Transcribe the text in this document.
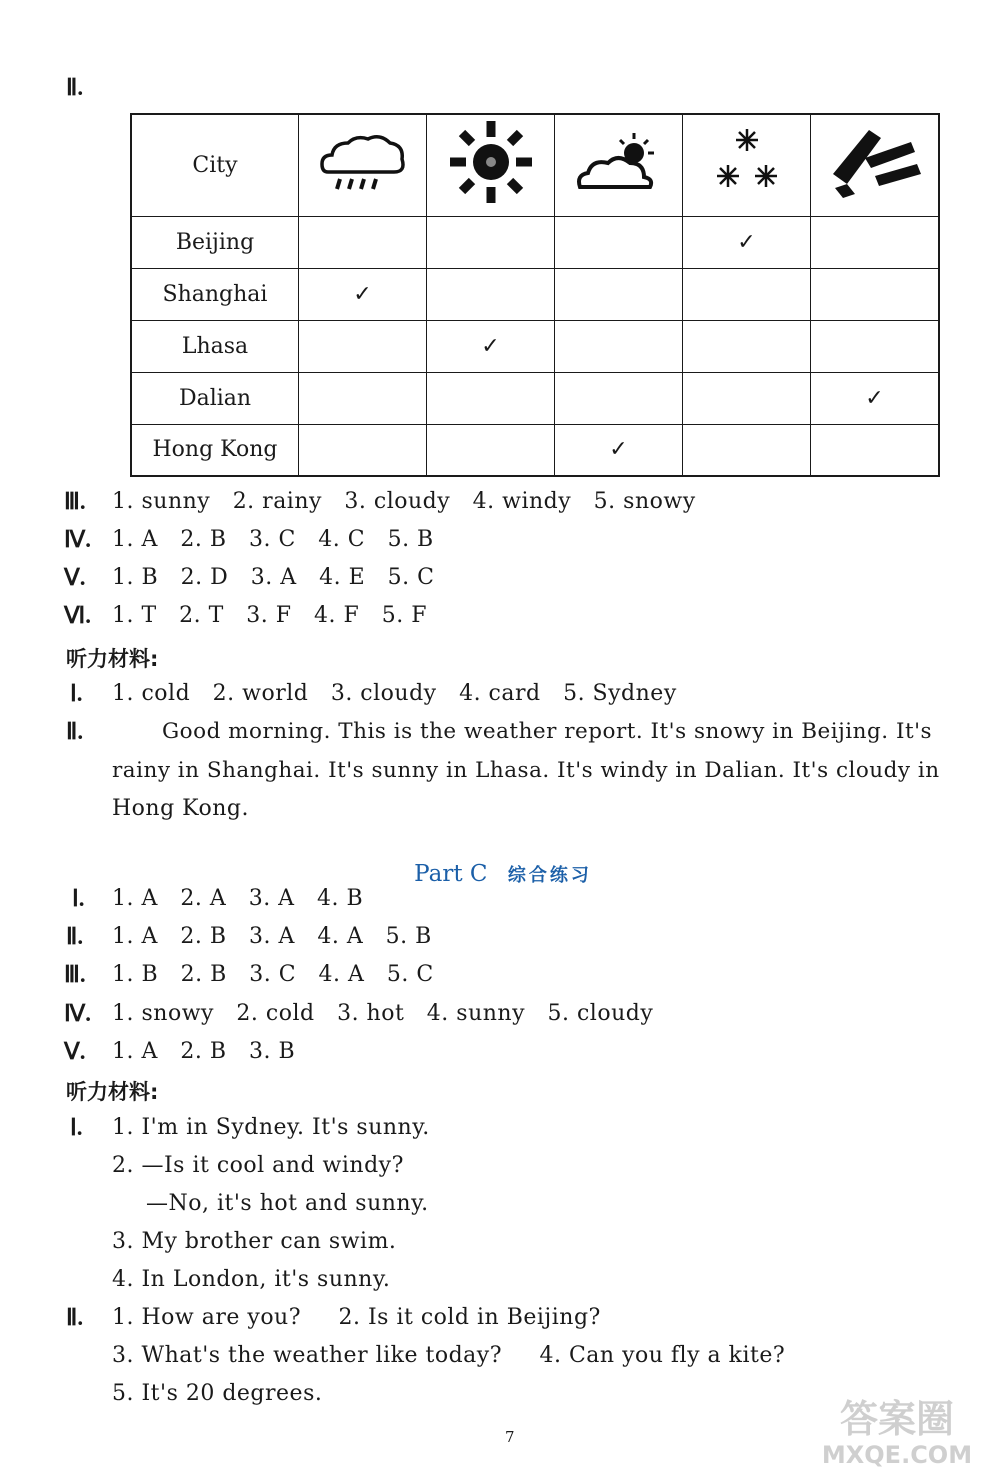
Ⅱ.
City					
Beijing				✓	
Shanghai	✓				
Lhasa		✓			
Dalian					✓
Hong Kong			✓		
Ⅲ. 1. sunny   2. rainy   3. cloudy   4. windy   5. snowy
Ⅳ. 1. A   2. B   3. C   4. C   5. B
Ⅴ. 1. B   2. D   3. A   4. E   5. C
Ⅵ. 1. T   2. T   3. F   4. F   5. F
听力材料:
Ⅰ. 1. cold   2. world   3. cloudy   4. card   5. Sydney
Ⅱ.	Good morning. This is the weather report. It's snowy in Beijing. It's
rainy in Shanghai. It's sunny in Lhasa. It's windy in Dalian. It's cloudy in
Hong Kong.

Part C 综合练习

Ⅰ. 1. A   2. A   3. A   4. B
Ⅱ. 1. A   2. B   3. A   4. A   5. B
Ⅲ. 1. B   2. B   3. C   4. A   5. C
Ⅳ. 1. snowy   2. cold   3. hot   4. sunny   5. cloudy
Ⅴ. 1. A   2. B   3. B
听力材料:
Ⅰ. 1. I'm in Sydney. It's sunny.
2. —Is it cool and windy?
—No, it's hot and sunny.
3. My brother can swim.
4. In London, it's sunny.
Ⅱ. 1. How are you?     2. Is it cold in Beijing?
3. What's the weather like today?     4. Can you fly a kite?
5. It's 20 degrees.
7	答案圈
MXQE.COM
